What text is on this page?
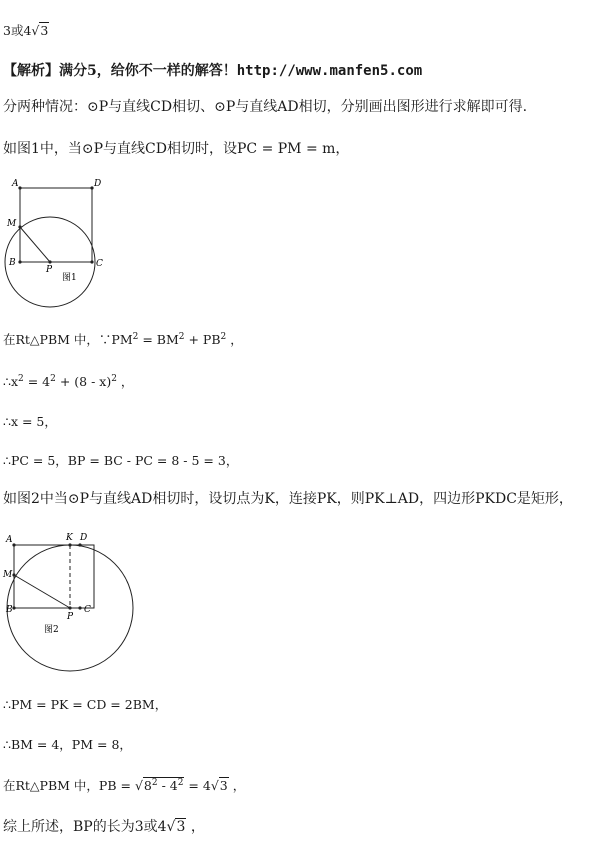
3或4√3
【解析】满分5，给你不一样的解答！http://www.manfen5.com
分两种情况：⊙P与直线CD相切、⊙P与直线AD相切，分别画出图形进行求解即可得.
如图1中，当⊙P与直线CD相切时，设PC = PM = m，
A	D
M
B
P
C
图1
在Rt△PBM 中，$\because PM^2 = BM^2 + PB^2$ ，
$\therefore x^2 = 4^2 + (8 - x)^2$ ，
∴x = 5，
∴PC = 5，BP = BC - PC = 8 - 5 = 3，
如图2中当⊙P与直线AD相切时，设切点为K，连接PK，则PK⊥AD，四边形PKDC是矩形，
A	K D
M
B
P
C
图2
∴PM = PK = CD = 2BM，
∴BM = 4，PM = 8，
在Rt△PBM 中，PB = $√8^2 - 4^2 = 4√3$ ，
综上所述，BP的长为3或4√3 ，
